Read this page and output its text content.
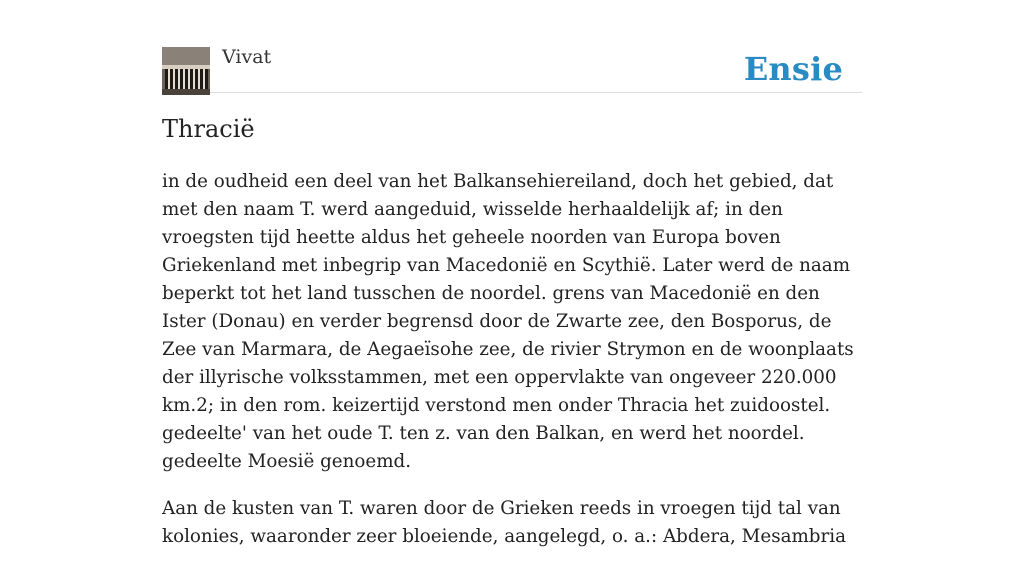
Vivat	Ensie
Thracië

in de oudheid een deel van het Balkansehiereiland, doch het gebied, dat met den naam T. werd aangeduid, wisselde herhaaldelijk af; in den vroegsten tijd heette aldus het geheele noorden van Europa boven Griekenland met inbegrip van Macedonië en Scythië. Later werd de naam beperkt tot het land tusschen de noordel. grens van Macedonië en den Ister (Donau) en verder begrensd door de Zwarte zee, den Bosporus, de Zee van Marmara, de Aegaeïsohe zee, de rivier Strymon en de woonplaats der illyrische volksstammen, met een oppervlakte van ongeveer 220.000 km.2; in den rom. keizertijd verstond men onder Thracia het zuidoostel. gedeelte' van het oude T. ten z. van den Balkan, en werd het noordel. gedeelte Moesië genoemd.

Aan de kusten van T. waren door de Grieken reeds in vroegen tijd tal van kolonies, waaronder zeer bloeiende, aangelegd, o. a.: Abdera, Mesambria
